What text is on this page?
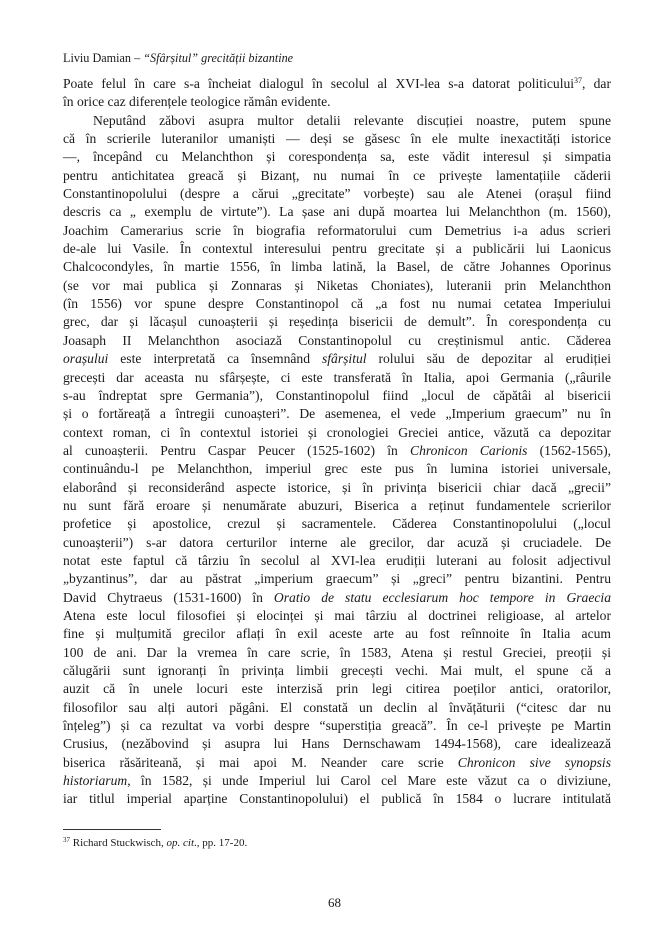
Liviu Damian – “Sfârșitul” grecității bizantine
Poate felul în care s-a încheiat dialogul în secolul al XVI-lea s-a datorat politicului$^{37}$, dar
în orice caz diferențele teologice rămân evidente.
Neputând zăbovi asupra multor detalii relevante discuției noastre, putem spune
că în scrierile luteranilor umaniști — deși se găsesc în ele multe inexactități istorice
—, începând cu Melanchthon și corespondența sa, este vădit interesul și simpatia
pentru antichitatea greacă și Bizanț, nu numai în ce privește lamentațiile căderii
Constantinopolului (despre a cărui „grecitate” vorbește) sau ale Atenei (orașul fiind
descris ca „ exemplu de virtute”). La șase ani după moartea lui Melanchthon (m. 1560),
Joachim Camerarius scrie în biografia reformatorului cum Demetrius i-a adus scrieri
de-ale lui Vasile. În contextul interesului pentru grecitate și a publicării lui Laonicus
Chalcocondyles, în martie 1556, în limba latină, la Basel, de către Johannes Oporinus
(se vor mai publica și Zonnaras și Niketas Choniates), luteranii prin Melanchthon
(în 1556) vor spune despre Constantinopol că „a fost nu numai cetatea Imperiului
grec, dar și lăcașul cunoașterii și reședința bisericii de demult”. În corespondența cu
Joasaph II Melanchthon asociază Constantinopolul cu creștinismul antic. Căderea
orașului este interpretată ca însemnând sfârșitul rolului său de depozitar al erudiției
grecești dar aceasta nu sfârșește, ci este transferată în Italia, apoi Germania („râurile
s-au îndreptat spre Germania”), Constantinopolul fiind „locul de căpătâi al bisericii
și o fortăreață a întregii cunoașteri”. De asemenea, el vede „Imperium graecum” nu în
context roman, ci în contextul istoriei și cronologiei Greciei antice, văzută ca depozitar
al cunoașterii. Pentru Caspar Peucer (1525-1602) în Chronicon Carionis (1562-1565),
continuându-l pe Melanchthon, imperiul grec este pus în lumina istoriei universale,
elaborând și reconsiderând aspecte istorice, și în privința bisericii chiar dacă „grecii”
nu sunt fără eroare și nenumărate abuzuri, Biserica a reținut fundamentele scrierilor
profetice și apostolice, crezul și sacramentele. Căderea Constantinopolului („locul
cunoașterii”) s-ar datora certurilor interne ale grecilor, dar acuză și cruciadele. De
notat este faptul că târziu în secolul al XVI-lea erudiții luterani au folosit adjectivul
„byzantinus”, dar au păstrat „imperium graecum” și „greci” pentru bizantini. Pentru
David Chytraeus (1531-1600) în Oratio de statu ecclesiarum hoc tempore in Graecia
Atena este locul filosofiei și elocinței și mai târziu al doctrinei religioase, al artelor
fine și mulțumită grecilor aflați în exil aceste arte au fost reînnoite în Italia acum
100 de ani. Dar la vremea în care scrie, în 1583, Atena și restul Greciei, preoții și
călugării sunt ignoranți în privința limbii grecești vechi. Mai mult, el spune că a
auzit că în unele locuri este interzisă prin legi citirea poeților antici, oratorilor,
filosofilor sau alți autori păgâni. El constată un declin al învățăturii (“citesc dar nu
înțeleg”) și ca rezultat va vorbi despre “superstiția greacă”. În ce-l privește pe Martin
Crusius, (nezăbovind și asupra lui Hans Dernschawam 1494-1568), care idealizează
biserica răsăriteană, și mai apoi M. Neander care scrie Chronicon sive synopsis
historiarum, în 1582, și unde Imperiul lui Carol cel Mare este văzut ca o diviziune,
iar titlul imperial aparține Constantinopolului) el publică în 1584 o lucrare intitulată
$^{37}$ Richard Stuckwisch, op. cit., pp. 17-20.
68
